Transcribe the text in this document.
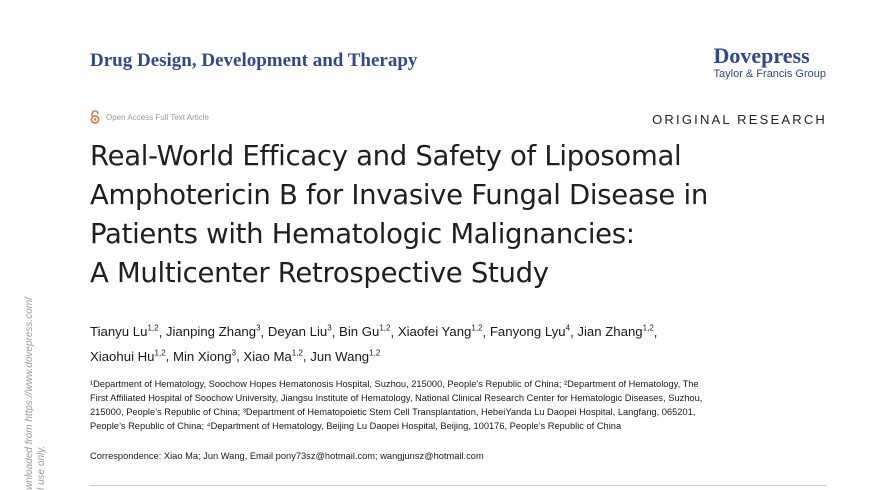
Drug Design, Development and Therapy	Dovepress
Taylor & Francis Group
Open Access Full Text Article	ORIGINAL RESEARCH
Real-World Efficacy and Safety of Liposomal
Amphotericin B for Invasive Fungal Disease in
Patients with Hematologic Malignancies:
A Multicenter Retrospective Study
Tianyu Lu$^{1,2}$, Jianping Zhang$^3$, Deyan Liu$^3$, Bin Gu$^{1,2}$, Xiaofei Yang$^{1,2}$, Fanyong Lyu$^4$, Jian Zhang$^{1,2}$,
Xiaohui Hu$^{1,2}$, Min Xiong$^3$, Xiao Ma$^{1,2}$, Jun Wang$^{1,2}$
¹Department of Hematology, Soochow Hopes Hematonosis Hospital, Suzhou, 215000, People’s Republic of China; ²Department of Hematology, The
First Affiliated Hospital of Soochow University, Jiangsu Institute of Hematology, National Clinical Research Center for Hematologic Diseases, Suzhou,
215000, People’s Republic of China; ³Department of Hematopoietic Stem Cell Transplantation, HebeiYanda Lu Daopei Hospital, Langfang, 065201,
People’s Republic of China; ⁴Department of Hematology, Beijing Lu Daopei Hospital, Beijing, 100176, People’s Republic of China
Correspondence: Xiao Ma; Jun Wang, Email pony73sz@hotmail.com; wangjunsz@hotmail.com
wnloaded from https://www.dovepress.com/ l use only.
